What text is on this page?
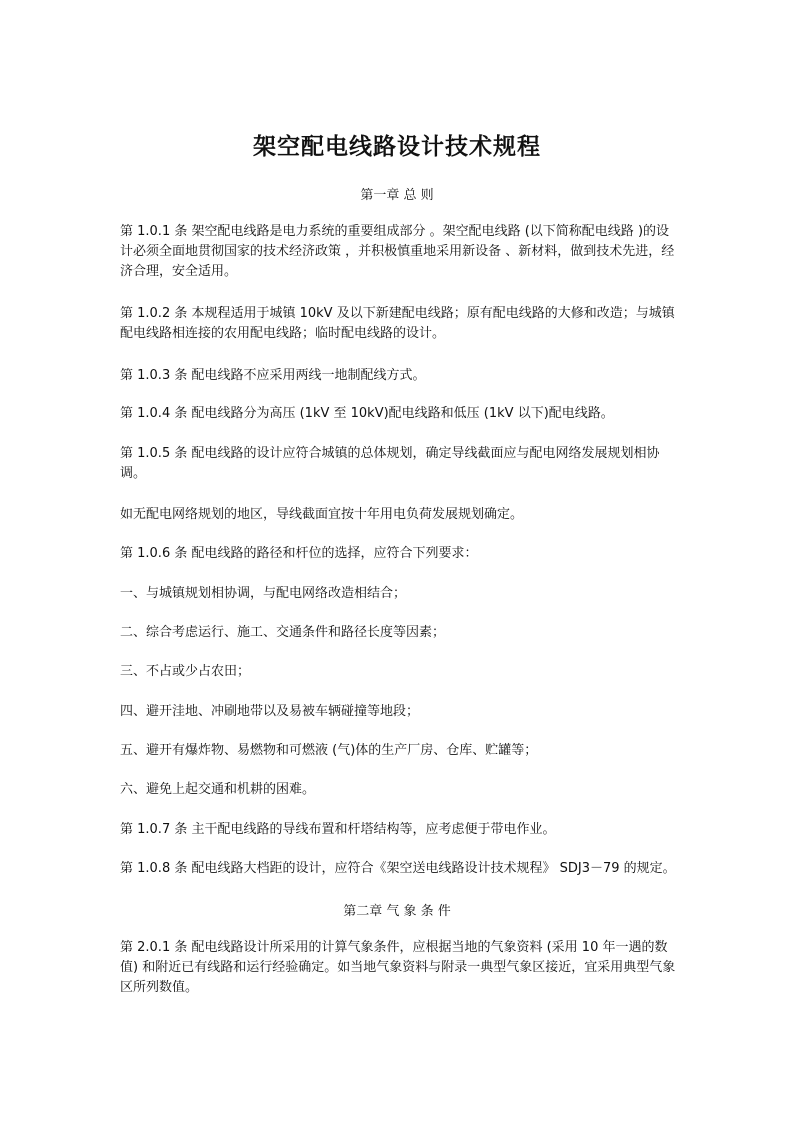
架空配电线路设计技术规程

第一章 总 则

第 1.0.1 条 架空配电线路是电力系统的重要组成部分 。架空配电线路 (以下简称配电线路 )的设计必须全面地贯彻国家的技术经济政策 ，并积极慎重地采用新设备 、新材料，做到技术先进，经济合理，安全适用。

第 1.0.2 条 本规程适用于城镇 10kV 及以下新建配电线路；原有配电线路的大修和改造；与城镇配电线路相连接的农用配电线路；临时配电线路的设计。

第 1.0.3 条 配电线路不应采用两线一地制配线方式。

第 1.0.4 条 配电线路分为高压 (1kV 至 10kV)配电线路和低压 (1kV 以下)配电线路。

第 1.0.5 条 配电线路的设计应符合城镇的总体规划，确定导线截面应与配电网络发展规划相协调。

如无配电网络规划的地区，导线截面宜按十年用电负荷发展规划确定。

第 1.0.6 条 配电线路的路径和杆位的选择，应符合下列要求：

一、与城镇规划相协调，与配电网络改造相结合；

二、综合考虑运行、施工、交通条件和路径长度等因素；

三、不占或少占农田；

四、避开洼地、冲刷地带以及易被车辆碰撞等地段；

五、避开有爆炸物、易燃物和可燃液 (气)体的生产厂房、仓库、贮罐等；

六、避免上起交通和机耕的困难。

第 1.0.7 条 主干配电线路的导线布置和杆塔结构等，应考虑便于带电作业。

第 1.0.8 条 配电线路大档距的设计，应符合《架空送电线路设计技术规程》 SDJ3－79 的规定。

第二章 气 象 条 件

第 2.0.1 条 配电线路设计所采用的计算气象条件，应根据当地的气象资料 (采用 10 年一遇的数值) 和附近已有线路和运行经验确定。如当地气象资料与附录一典型气象区接近，宜采用典型气象区所列数值。
